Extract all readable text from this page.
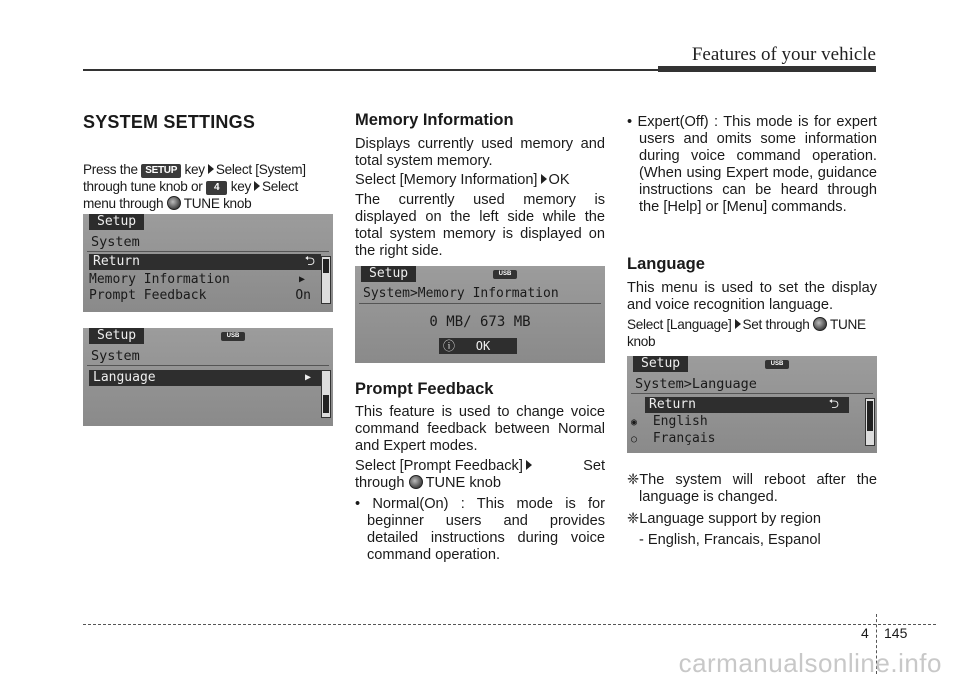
Features of your vehicle
SYSTEM SETTINGS

Press the SETUP key Select [System]

through tune knob or 4 key Select

menu through TUNE knob

Setup
System
Return	⮌
Memory Information	▶
Prompt Feedback	On
Setup	USB
System
Language	▶
Memory Information

Displays currently used memory and total system memory.

Select [Memory Information] OK

The currently used memory is displayed on the left side while the total system memory is displayed on the right side.

Setup	USB
System>Memory Information
0 MB/ 673 MB
ⓘ OK
Prompt Feedback

This feature is used to change voice command feedback between Normal and Expert modes.

Select [Prompt Feedback]	Set
through TUNE knob

• Normal(On) : This mode is for beginner users and provides detailed instructions during voice command operation.

• Expert(Off) : This mode is for expert users and omits some information during voice command operation. (When using Expert mode, guidance instructions can be heard through the [Help] or [Menu] commands.

Language

This menu is used to set the display and voice recognition language.

Select [Language] Set through TUNE knob

Setup	USB
System>Language
Return	⮌
◉ English
○ Français

❈The system will reboot after the language is changed.

❈Language support by region

- English, Francais, Espanol

4 145
carmanualsonline.info
